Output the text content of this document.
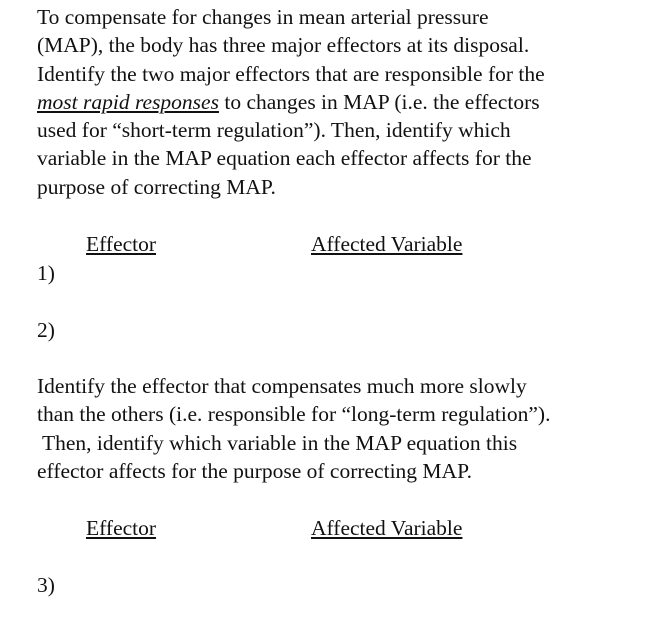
To compensate for changes in mean arterial pressure
(MAP), the body has three major effectors at its disposal.
Identify the two major effectors that are responsible for the
most rapid responses to changes in MAP (i.e. the effectors
used for “short-term regulation”). Then, identify which
variable in the MAP equation each effector affects for the
purpose of correcting MAP.

Effector	Affected Variable
1)
2)

Identify the effector that compensates much more slowly
than the others (i.e. responsible for “long-term regulation”).
Then, identify which variable in the MAP equation this
effector affects for the purpose of correcting MAP.

Effector	Affected Variable
3)
